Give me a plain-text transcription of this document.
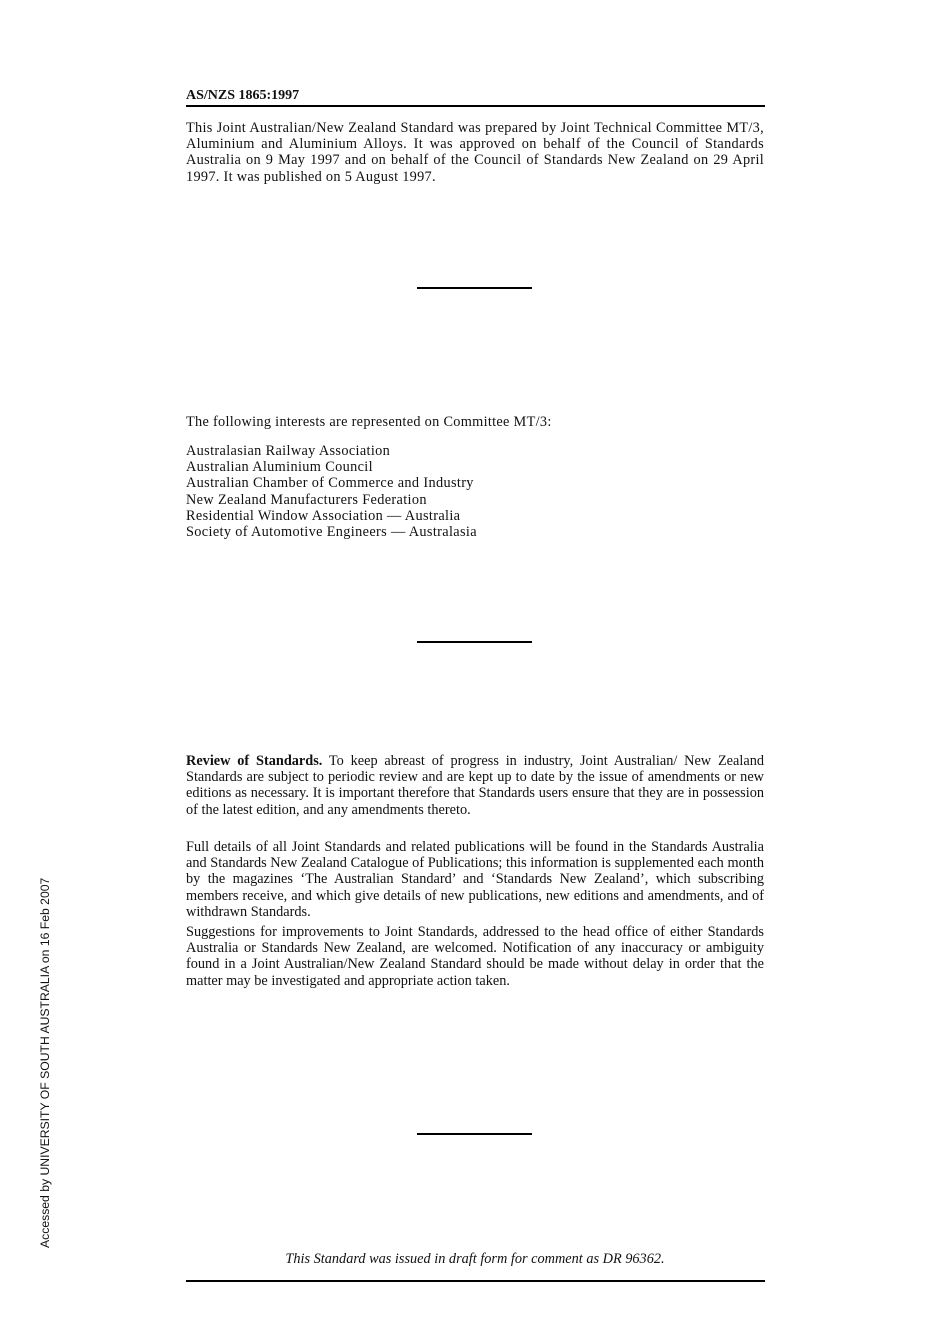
Accessed by UNIVERSITY OF SOUTH AUSTRALIA on 16 Feb 2007
AS/NZS 1865:1997

This Joint Australian/New Zealand Standard was prepared by Joint Technical Committee MT/3, Aluminium and Aluminium Alloys. It was approved on behalf of the Council of Standards Australia on 9 May 1997 and on behalf of the Council of Standards New Zealand on 29 April 1997. It was published on 5 August 1997.

The following interests are represented on Committee MT/3:
Australasian Railway Association
Australian Aluminium Council
Australian Chamber of Commerce and Industry
New Zealand Manufacturers Federation
Residential Window Association — Australia
Society of Automotive Engineers — Australasia

Review of Standards. To keep abreast of progress in industry, Joint Australian/ New Zealand Standards are subject to periodic review and are kept up to date by the issue of amendments or new editions as necessary. It is important therefore that Standards users ensure that they are in possession of the latest edition, and any amendments thereto.

Full details of all Joint Standards and related publications will be found in the Standards Australia and Standards New Zealand Catalogue of Publications; this information is supplemented each month by the magazines ‘The Australian Standard’ and ‘Standards New Zealand’, which subscribing members receive, and which give details of new publications, new editions and amendments, and of withdrawn Standards.

Suggestions for improvements to Joint Standards, addressed to the head office of either Standards Australia or Standards New Zealand, are welcomed. Notification of any inaccuracy or ambiguity found in a Joint Australian/New Zealand Standard should be made without delay in order that the matter may be investigated and appropriate action taken.

This Standard was issued in draft form for comment as DR 96362.
